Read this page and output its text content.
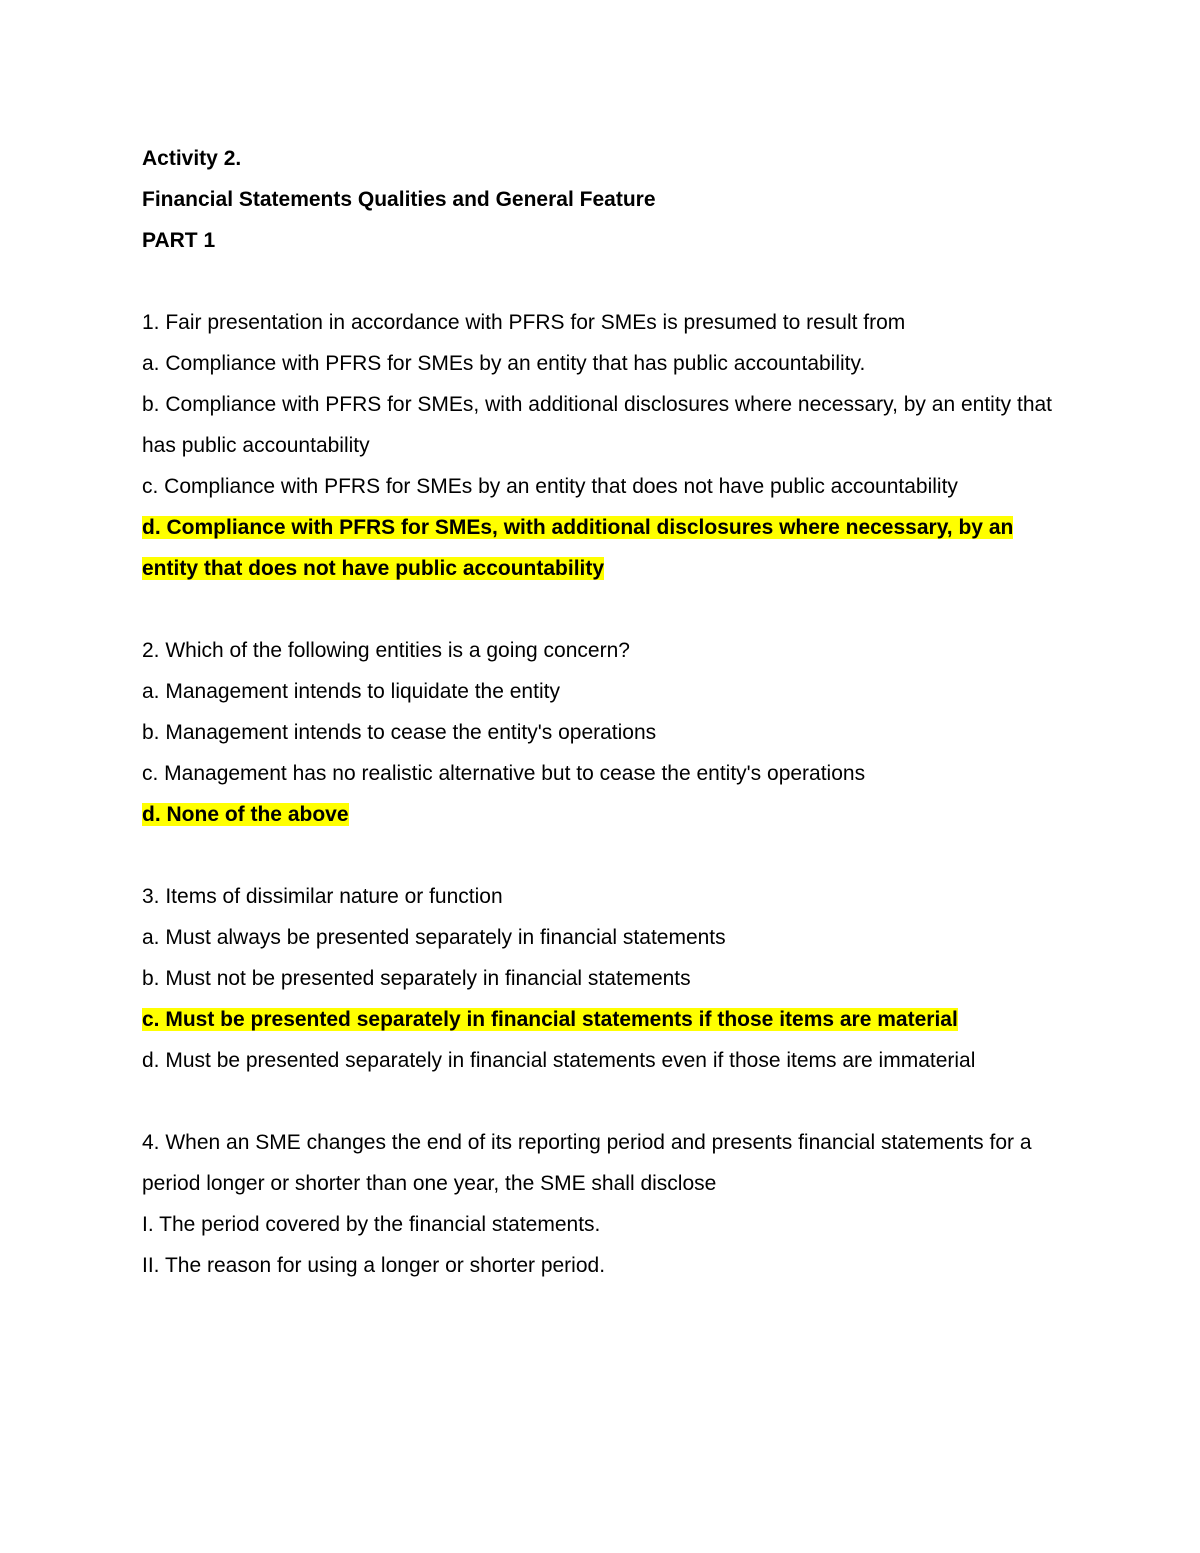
Activity 2.
Financial Statements Qualities and General Feature
PART 1
1. Fair presentation in accordance with PFRS for SMEs is presumed to result from
a. Compliance with PFRS for SMEs by an entity that has public accountability.
b. Compliance with PFRS for SMEs, with additional disclosures where necessary, by an entity that has public accountability
c. Compliance with PFRS for SMEs by an entity that does not have public accountability
d. Compliance with PFRS for SMEs, with additional disclosures where necessary, by an entity that does not have public accountability
2. Which of the following entities is a going concern?
a. Management intends to liquidate the entity
b. Management intends to cease the entity's operations
c. Management has no realistic alternative but to cease the entity's operations
d. None of the above
3. Items of dissimilar nature or function
a. Must always be presented separately in financial statements
b. Must not be presented separately in financial statements
c. Must be presented separately in financial statements if those items are material
d. Must be presented separately in financial statements even if those items are immaterial
4. When an SME changes the end of its reporting period and presents financial statements for a
period longer or shorter than one year, the SME shall disclose
I. The period covered by the financial statements.
II. The reason for using a longer or shorter period.
